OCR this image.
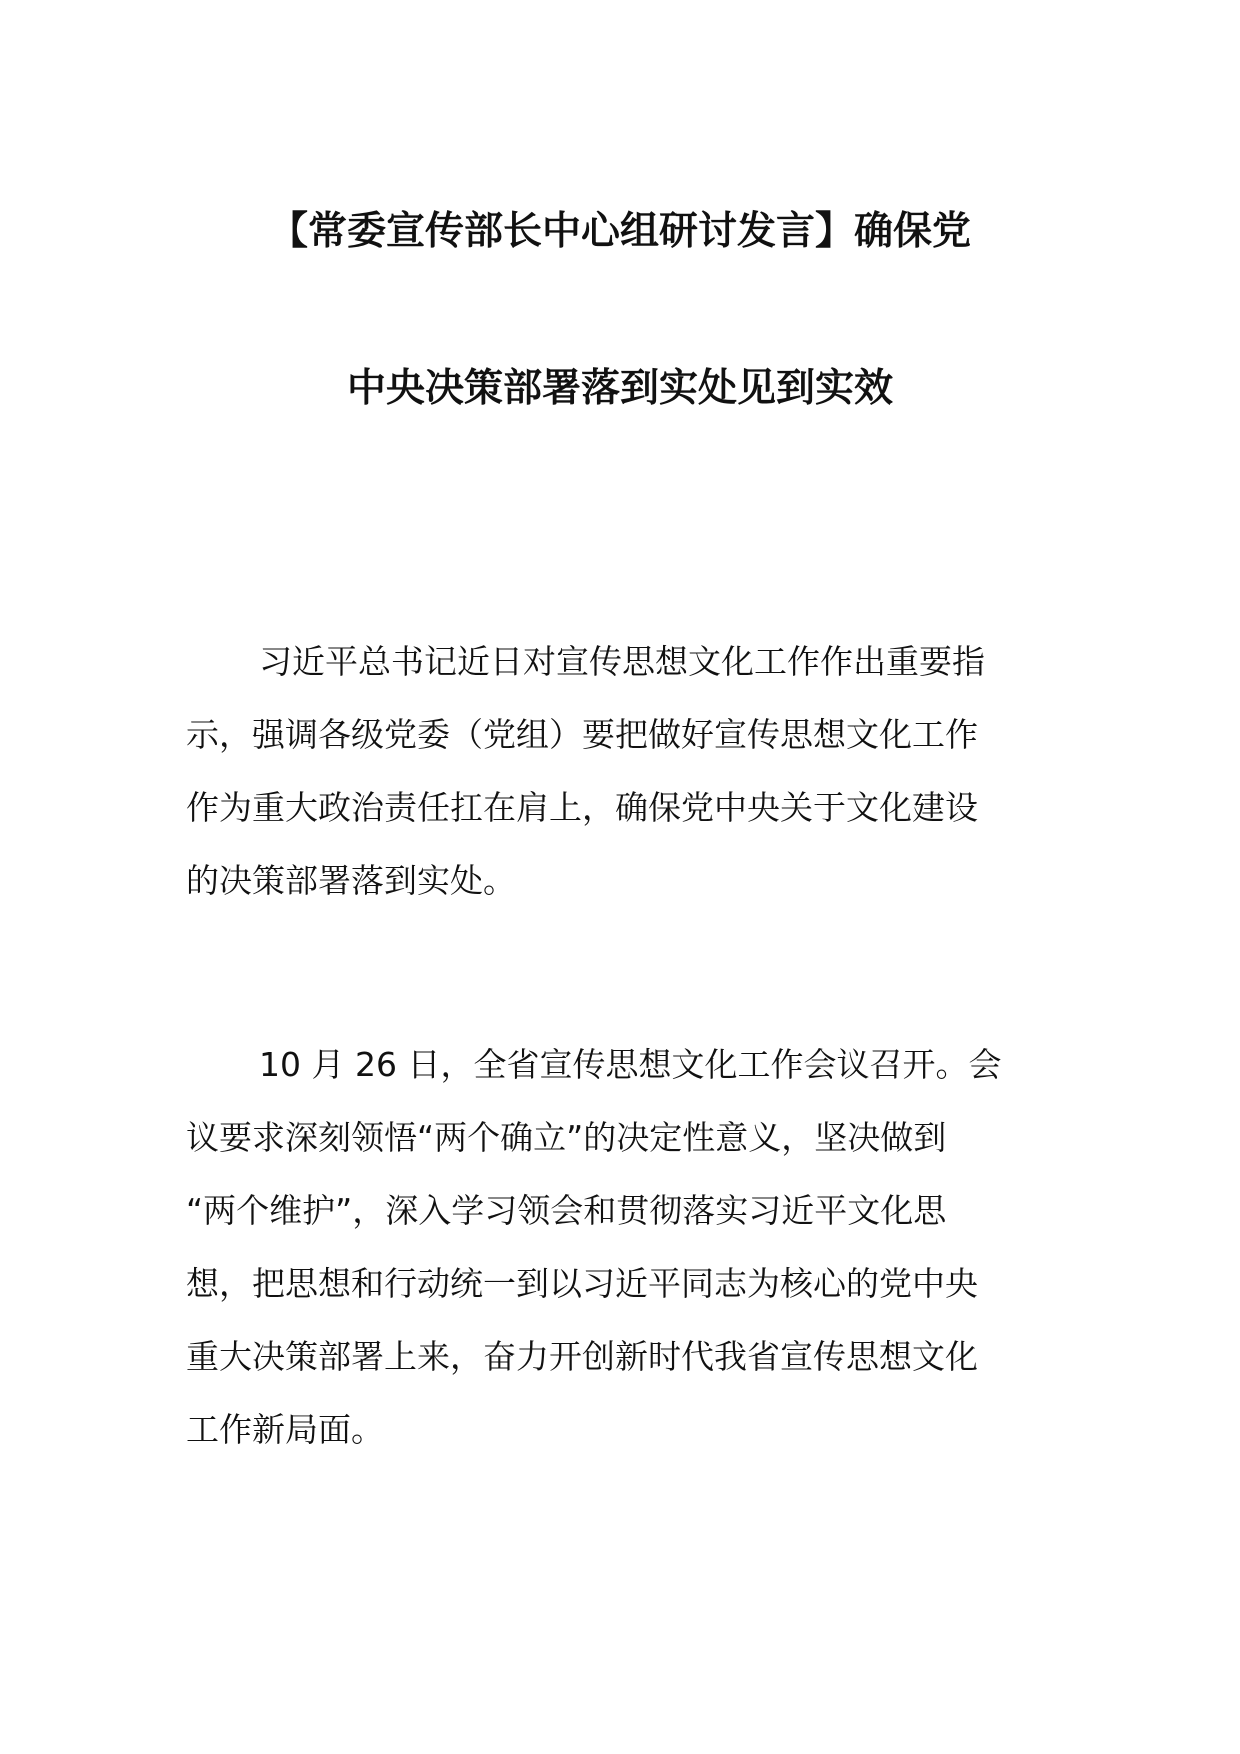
【常委宣传部长中心组研讨发言】确保党
中央决策部署落到实处见到实效
习近平总书记近日对宣传思想文化工作作出重要指
示，强调各级党委（党组）要把做好宣传思想文化工作
作为重大政治责任扛在肩上，确保党中央关于文化建设
的决策部署落到实处。
10 月 26 日，全省宣传思想文化工作会议召开。会
议要求深刻领悟“两个确立”的决定性意义，坚决做到
“两个维护”，深入学习领会和贯彻落实习近平文化思
想，把思想和行动统一到以习近平同志为核心的党中央
重大决策部署上来，奋力开创新时代我省宣传思想文化
工作新局面。
